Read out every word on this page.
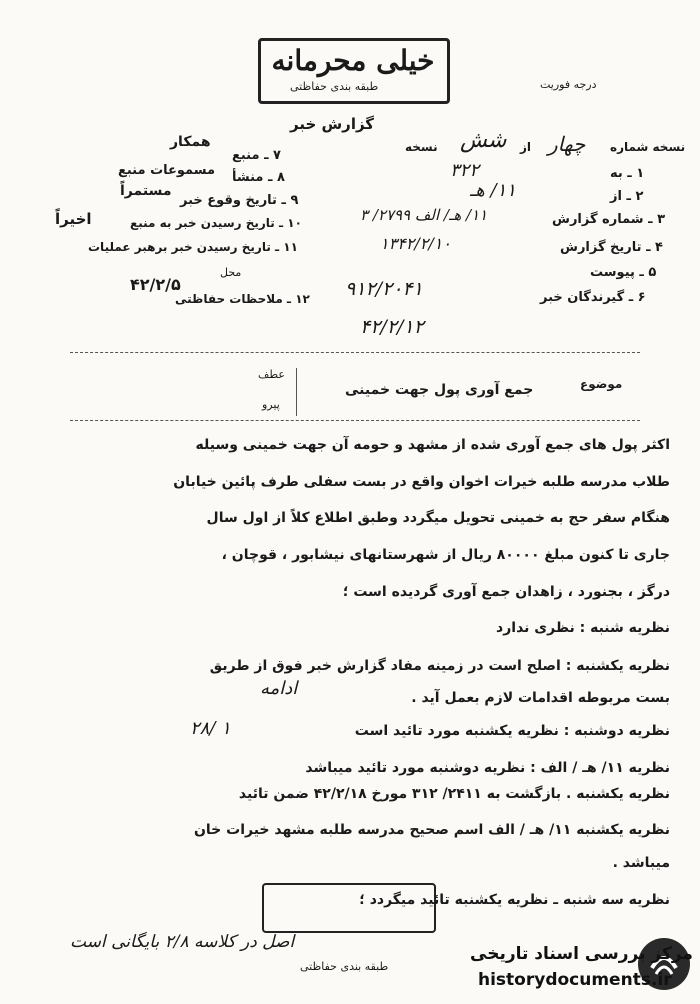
خیلی محرمانه
طبقه بندی حفاظتی	درجه فوریت
گزارش خبر
نسخه شماره
چهار
از
شش
نسخه
۱ ـ به
۲ ـ از
۳ ـ شماره گزارش
۴ ـ تاریخ گزارش
۵ ـ پیوست
۶ ـ گیرندگان خبر
۳۲۲
۱۱/ هـ
۱۱/ هـ/ الف ۲۷۹۹/ ۳
۱۳۴۲/۲/۱۰
۹۱۲/۲۰۴۱
۴۲/۲/۱۲
۷ ـ منبع
همکار
۸ ـ منشأ
مسموعات منبع
۹ ـ تاریخ وقوع خبر
مستمراً
۱۰ ـ تاریخ رسیدن خبر به منبع
اخیراً
۱۱ ـ تاریخ رسیدن خبر برهبر عملیات
محل
۴۲/۲/۵
۱۲ ـ ملاحظات حفاظتی
موضوع
جمع آوری پول جهت خمینی
عطف
پیرو
اکثر پول های جمع آوری شده از مشهد و حومه آن جهت خمینی وسیله
طلاب مدرسه طلبه خیرات اخوان واقع در بست سفلی طرف پائین خیابان
هنگام سفر حج به خمینی تحویل میگردد وطبق اطلاع کلاً از اول سال
جاری تا کنون مبلغ ۸۰۰۰۰ ریال از شهرستانهای نیشابور ، قوچان ،
درگز ، بجنورد ، زاهدان جمع آوری گردیده است ؛
نظریه شنبه : نظری ندارد
نظریه یکشنبه : اصلح است در زمینه مفاد گزارش خبر فوق از طریق
بست مربوطه اقدامات لازم بعمل آید .
ادامه
نظریه دوشنبه : نظریه یکشنبه مورد تائید است
۱ /۲۸
نظریه ۱۱/ هـ / الف : نظریه دوشنبه مورد تائید میباشد
نظریه یکشنبه . بازگشت به ۲۴۱۱/ ۳۱۲ مورخ ۴۲/۲/۱۸ ضمن تائید
نظریه یکشنبه ۱۱/ هـ / الف اسم صحیح مدرسه طلبه مشهد خیرات خان
میباشد .
نظریه سه شنبه ـ نظریه یکشنبه تائید میگردد ؛
اصل در کلاسه ۲/۸ بایگانی است
طبقه بندی حفاظتی
مرکز بررسی اسناد تاریخی
historydocuments.ir
